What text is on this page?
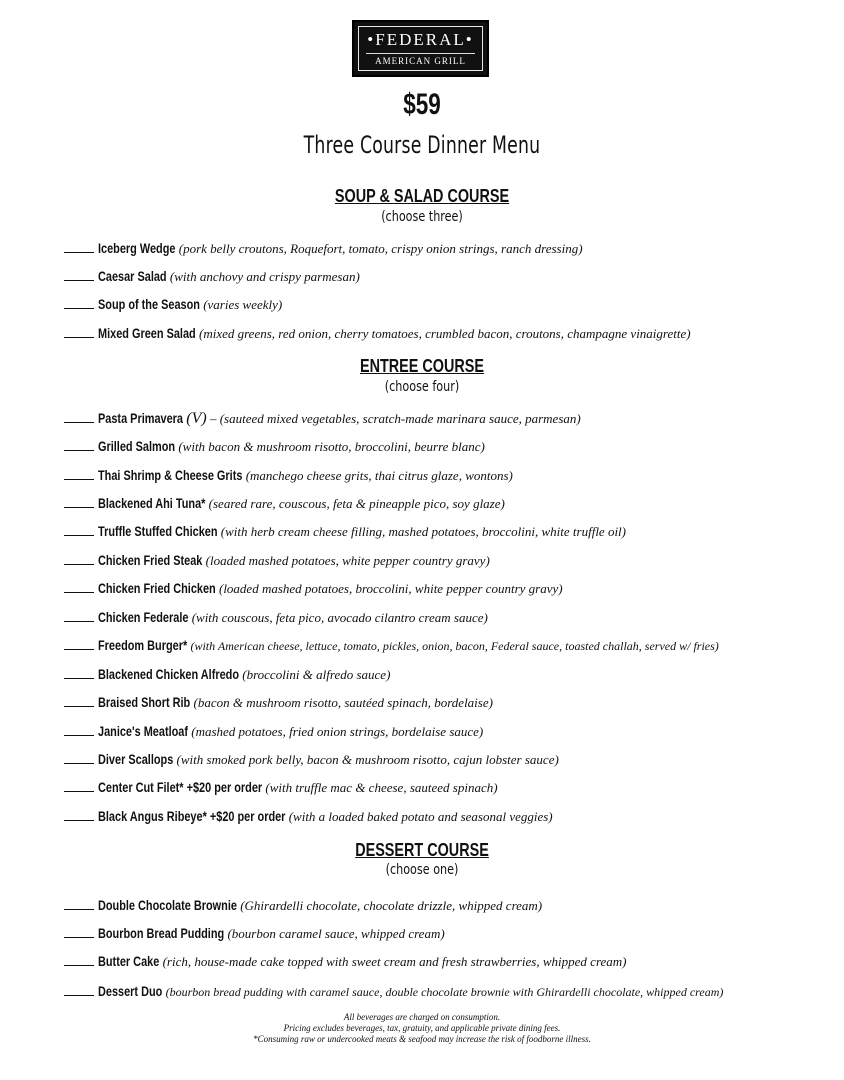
•FEDERAL•
AMERICAN GRILL
$59
Three Course Dinner Menu
SOUP & SALAD COURSE
(choose three)
Iceberg Wedge (pork belly croutons, Roquefort, tomato, crispy onion strings, ranch dressing)
Caesar Salad (with anchovy and crispy parmesan)
Soup of the Season (varies weekly)
Mixed Green Salad (mixed greens, red onion, cherry tomatoes, crumbled bacon, croutons, champagne vinaigrette)
ENTREE COURSE
(choose four)
Pasta Primavera (V) – (sauteed mixed vegetables, scratch-made marinara sauce, parmesan)
Grilled Salmon (with bacon & mushroom risotto, broccolini, beurre blanc)
Thai Shrimp & Cheese Grits (manchego cheese grits, thai citrus glaze, wontons)
Blackened Ahi Tuna* (seared rare, couscous, feta & pineapple pico, soy glaze)
Truffle Stuffed Chicken (with herb cream cheese filling, mashed potatoes, broccolini, white truffle oil)
Chicken Fried Steak (loaded mashed potatoes, white pepper country gravy)
Chicken Fried Chicken (loaded mashed potatoes, broccolini, white pepper country gravy)
Chicken Federale (with couscous, feta pico, avocado cilantro cream sauce)
Freedom Burger* (with American cheese, lettuce, tomato, pickles, onion, bacon, Federal sauce, toasted challah, served w/ fries)
Blackened Chicken Alfredo (broccolini & alfredo sauce)
Braised Short Rib (bacon & mushroom risotto, sautéed spinach, bordelaise)
Janice's Meatloaf (mashed potatoes, fried onion strings, bordelaise sauce)
Diver Scallops (with smoked pork belly, bacon & mushroom risotto, cajun lobster sauce)
Center Cut Filet* +$20 per order (with truffle mac & cheese, sauteed spinach)
Black Angus Ribeye* +$20 per order (with a loaded baked potato and seasonal veggies)
DESSERT COURSE
(choose one)
Double Chocolate Brownie (Ghirardelli chocolate, chocolate drizzle, whipped cream)
Bourbon Bread Pudding (bourbon caramel sauce, whipped cream)
Butter Cake (rich, house-made cake topped with sweet cream and fresh strawberries, whipped cream)
Dessert Duo (bourbon bread pudding with caramel sauce, double chocolate brownie with Ghirardelli chocolate, whipped cream)
All beverages are charged on consumption.
Pricing excludes beverages, tax, gratuity, and applicable private dining fees.
*Consuming raw or undercooked meats & seafood may increase the risk of foodborne illness.
